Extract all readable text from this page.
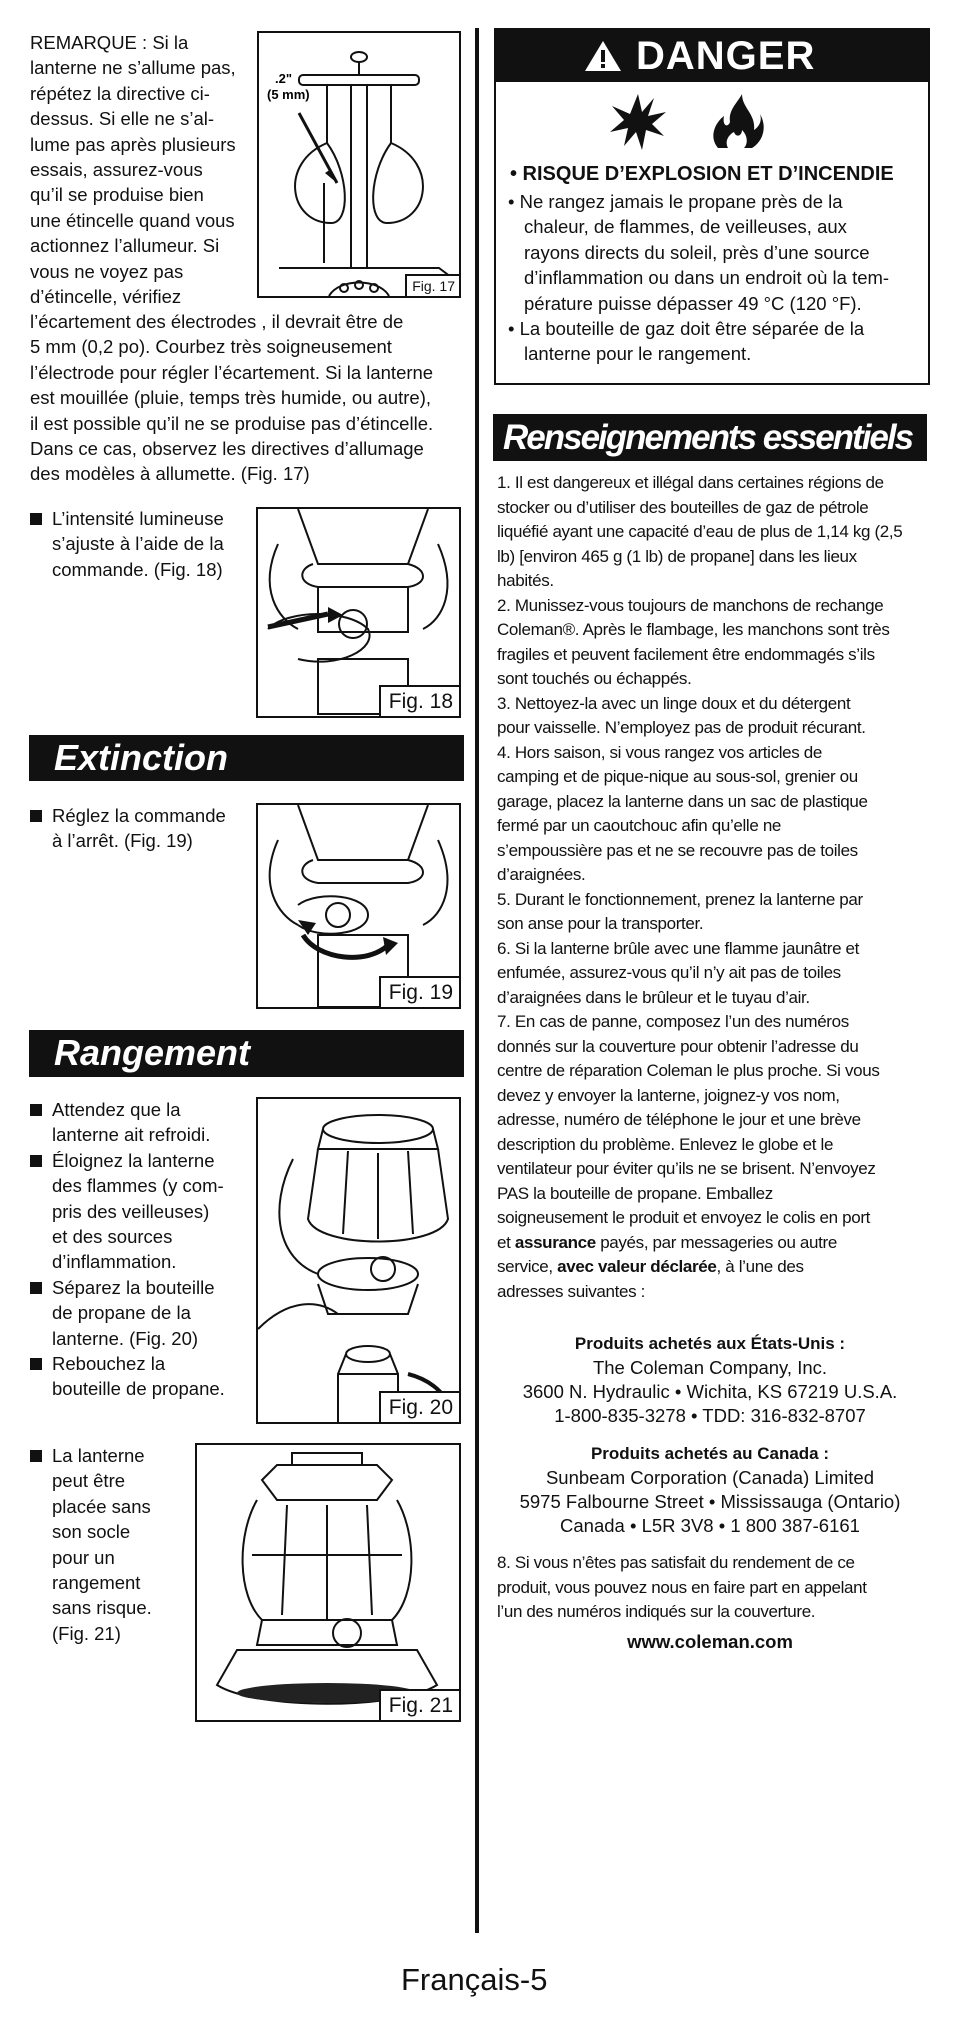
REMARQUE : Si la
lanterne ne s’allume pas,
répétez la directive ci-
dessus. Si elle ne s’al-
lume pas après plusieurs
essais, assurez-vous
qu’il se produise bien
une étincelle quand vous
actionnez l’allumeur. Si
vous ne voyez pas
d’étincelle, vérifiez
l’écartement des électrodes , il devrait être de
5 mm (0,2 po). Courbez très soigneusement
l’électrode pour régler l’écartement. Si la lanterne
est mouillée (pluie, temps très humide, ou autre),
il est possible qu’il ne se produise pas d’étincelle.
Dans ce cas, observez les directives d’allumage
des modèles à allumette. (Fig. 17)
.2"
(5 mm)
Fig. 17
L’intensité lumineuse
s’ajuste à l’aide de la
commande. (Fig. 18)
Fig. 18
Extinction
Réglez la commande
à l’arrêt. (Fig. 19)
Fig. 19
Rangement
Attendez que la
lanterne ait refroidi.
Éloignez la lanterne
des flammes (y com-
pris des veilleuses)
et des sources
d’inflammation.
Séparez la bouteille
de propane de la
lanterne. (Fig. 20)
Rebouchez la
bouteille de propane.
Fig. 20
La lanterne
peut être
placée sans
son socle
pour un
rangement
sans risque.
(Fig. 21)
Fig. 21
DANGER
• RISQUE D’EXPLOSION ET D’INCENDIE
• Ne rangez jamais le propane près de la
chaleur, de flammes, de veilleuses, aux
rayons directs du soleil, près d’une source
d’inflammation ou dans un endroit où la tem-
pérature puisse dépasser 49 °C (120 °F).
• La bouteille de gaz doit être séparée de la
lanterne pour le rangement.
Renseignements essentiels
1. Il est dangereux et illégal dans certaines régions de
stocker ou d’utiliser des bouteilles de gaz de pétrole
liquéfié ayant une capacité d’eau de plus de 1,14 kg (2,5
lb) [environ 465 g (1 lb) de propane] dans les lieux
habités.
2. Munissez-vous toujours de manchons de rechange
Coleman®. Après le flambage, les manchons sont très
fragiles et peuvent facilement être endommagés s’ils
sont touchés ou échappés.
3. Nettoyez-la avec un linge doux et du détergent
pour vaisselle. N’employez pas de produit récurant.
4. Hors saison, si vous rangez vos articles de
camping et de pique-nique au sous-sol, grenier ou
garage, placez la lanterne dans un sac de plastique
fermé par un caoutchouc afin qu’elle ne
s’empoussière pas et ne se recouvre pas de toiles
d’araignées.
5. Durant le fonctionnement, prenez la lanterne par
son anse pour la transporter.
6. Si la lanterne brûle avec une flamme jaunâtre et
enfumée, assurez-vous qu’il n’y ait pas de toiles
d’araignées dans le brûleur et le tuyau d’air.
7. En cas de panne, composez l’un des numéros
donnés sur la couverture pour obtenir l’adresse du
centre de réparation Coleman le plus proche. Si vous
devez y envoyer la lanterne, joignez-y vos nom,
adresse, numéro de téléphone le jour et une brève
description du problème. Enlevez le globe et le
ventilateur pour éviter qu’ils ne se brisent. N’envoyez
PAS la bouteille de propane. Emballez
soigneusement le produit et envoyez le colis en port
et assurance payés, par messageries ou autre
service, avec valeur déclarée, à l’une des
adresses suivantes :
Produits achetés aux États-Unis :
The Coleman Company, Inc.
3600 N. Hydraulic • Wichita, KS 67219 U.S.A.
1-800-835-3278 • TDD: 316-832-8707
Produits achetés au Canada :
Sunbeam Corporation (Canada) Limited
5975 Falbourne Street • Mississauga (Ontario)
Canada • L5R 3V8 • 1 800 387-6161
8. Si vous n’êtes pas satisfait du rendement de ce
produit, vous pouvez nous en faire part en appelant
l’un des numéros indiqués sur la couverture.
www.coleman.com
Français-5
